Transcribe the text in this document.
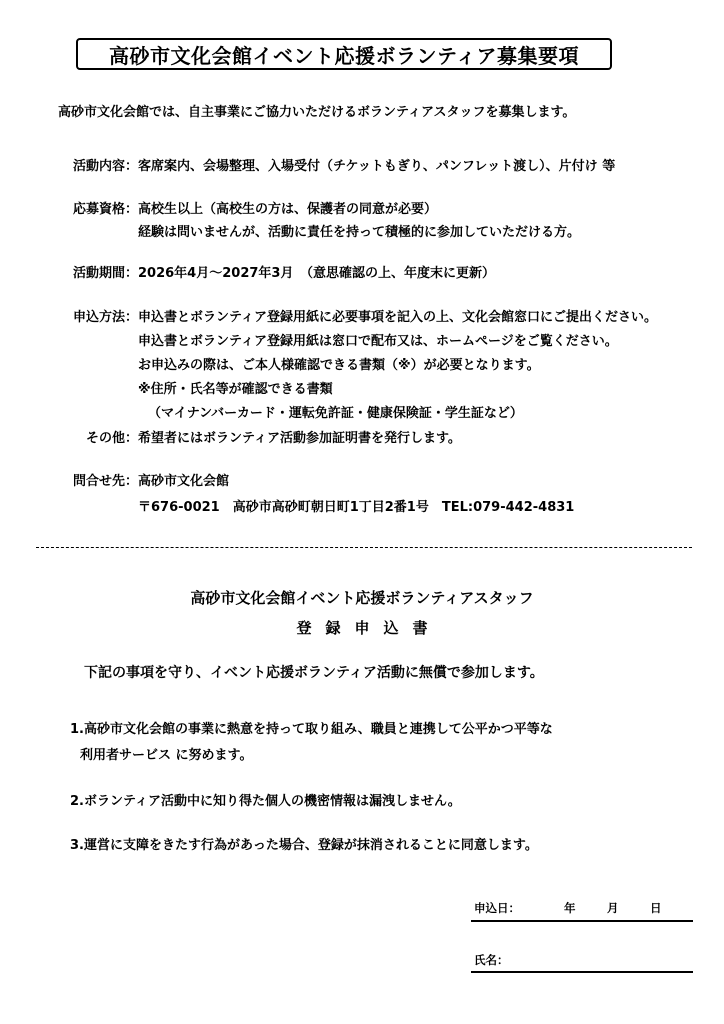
高砂市文化会館イベント応援ボランティア募集要項
高砂市文化会館では、自主事業にご協力いただけるボランティアスタッフを募集します。
活動内容： 客席案内、会場整理、入場受付（チケットもぎり、パンフレット渡し）、片付け 等
応募資格： 高校生以上（高校生の方は、保護者の同意が必要）
経験は問いませんが、活動に責任を持って積極的に参加していただける方。
活動期間： 2026年4月～2027年3月　（意思確認の上、年度末に更新）
申込方法： 申込書とボランティア登録用紙に必要事項を記入の上、文化会館窓口にご提出ください。
申込書とボランティア登録用紙は窓口で配布又は、ホームページをご覧ください。
お申込みの際は、ご本人様確認できる書類（※）が必要となります。
※住所・氏名等が確認できる書類
（マイナンバーカード・運転免許証・健康保険証・学生証など）
その他： 希望者にはボランティア活動参加証明書を発行します。
問合せ先： 高砂市文化会館
〒676-0021　高砂市高砂町朝日町1丁目2番1号　TEL:079-442-4831
高砂市文化会館イベント応援ボランティアスタッフ
登録申込書
下記の事項を守り、イベント応援ボランティア活動に無償で参加します。
1.高砂市文化会館の事業に熱意を持って取り組み、職員と連携して公平かつ平等な
利用者サービス に努めます。
2.ボランティア活動中に知り得た個人の機密情報は漏洩しません。
3.運営に支障をきたす行為があった場合、登録が抹消されることに同意します。
申込日：	年	月	日
氏名：
